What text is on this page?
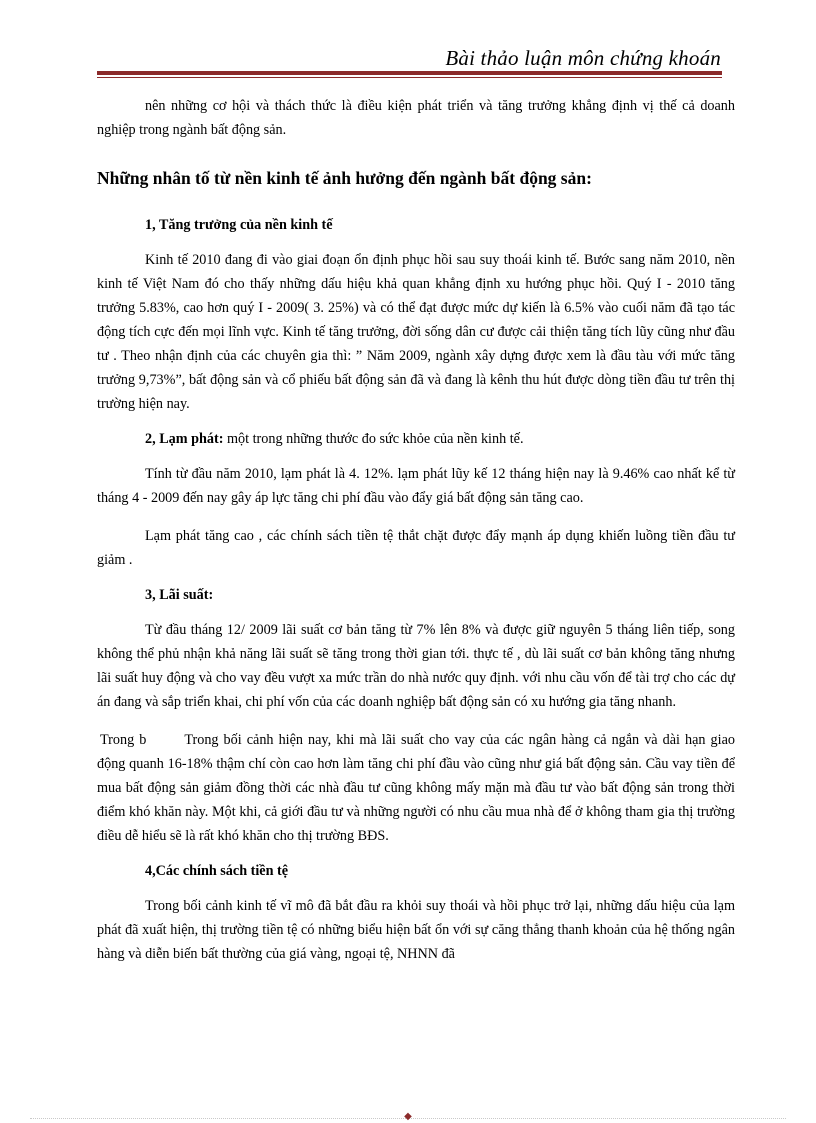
Bài thảo luận môn chứng khoán

nên những cơ hội và thách thức là điều kiện phát triển và tăng trưởng khẳng định vị thế cả doanh nghiệp trong ngành bất động sản.

Những nhân tố từ nền kinh tế ảnh hưởng đến ngành bất động sản:

1, Tăng trưởng của nền kinh tế

Kinh tế 2010 đang đi vào giai đoạn ổn định phục hồi sau suy thoái kinh tế. Bước sang năm 2010, nền kinh tế Việt Nam đó cho thấy những dấu hiệu khả quan khẳng định xu hướng phục hồi. Quý I - 2010 tăng trưởng 5.83%, cao hơn quý I - 2009( 3. 25%) và có thể đạt được mức dự kiến là 6.5% vào cuối năm đã tạo tác động tích cực đến mọi lĩnh vực. Kinh tế tăng trưởng, đời sống dân cư được cải thiện tăng tích lũy cũng như đầu tư . Theo nhận định của các chuyên gia thì: ” Năm 2009, ngành xây dựng được xem là đầu tàu với mức tăng trưởng 9,73%”, bất động sản và cổ phiếu bất động sản đã và đang là kênh thu hút được dòng tiền đầu tư trên thị trường hiện nay.

2, Lạm phát: một trong những thước đo sức khỏe của nền kinh tế.

Tính từ đầu năm 2010, lạm phát là 4. 12%. lạm phát lũy kế 12 tháng hiện nay là 9.46% cao nhất kể từ tháng 4 - 2009 đến nay gây áp lực tăng chi phí đầu vào đẩy giá bất động sản tăng cao.

Lạm phát tăng cao , các chính sách tiền tệ thắt chặt được đẩy mạnh áp dụng khiến luồng tiền đầu tư giảm .

3, Lãi suất:

Từ đầu tháng 12/ 2009 lãi suất cơ bản tăng từ 7% lên 8% và được giữ nguyên 5 tháng liên tiếp, song không thể phủ nhận khả năng lãi suất sẽ tăng trong thời gian tới. thực tế , dù lãi suất cơ bản không tăng nhưng lãi suất huy động và cho vay đều vượt xa mức trần do nhà nước quy định. với nhu cầu vốn để tài trợ cho các dự án đang và sắp triển khai, chi phí vốn của các doanh nghiệp bất động sản có xu hướng gia tăng nhanh.

Trong b	Trong bối cảnh hiện nay, khi mà lãi suất cho vay của các ngân hàng cả ngắn và dài hạn giao động quanh 16-18% thậm chí còn cao hơn làm tăng chi phí đầu vào cũng như giá bất động sản. Cầu vay tiền để mua bất động sản giảm đồng thời các nhà đầu tư cũng không mấy mặn mà đầu tư vào bất động sản trong thời điểm khó khăn này. Một khi, cả giới đầu tư và những người có nhu cầu mua nhà để ở không tham gia thị trường điều dễ hiểu sẽ là rất khó khăn cho thị trường BĐS.

4,Các chính sách tiền tệ

Trong bối cảnh kinh tế vĩ mô đã bắt đầu ra khỏi suy thoái và hồi phục trở lại, những dấu hiệu của lạm phát đã xuất hiện, thị trường tiền tệ có những biểu hiện bất ổn với sự căng thẳng thanh khoản của hệ thống ngân hàng và diễn biến bất thường của giá vàng, ngoại tệ, NHNN đã

◆
